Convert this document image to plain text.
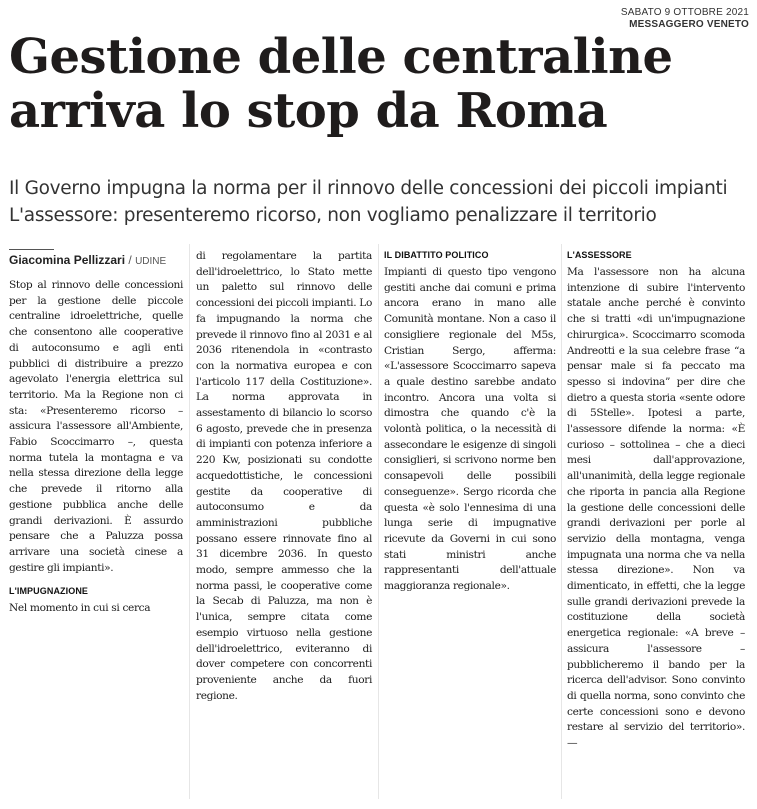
SABATO 9 OTTOBRE 2021
MESSAGGERO VENETO
Gestione delle centraline
arriva lo stop da Roma
Il Governo impugna la norma per il rinnovo delle concessioni dei piccoli impianti
L'assessore: presenteremo ricorso, non vogliamo penalizzare il territorio
Giacomina Pellizzari / UDINE

Stop al rinnovo delle concessioni per la gestione delle piccole centraline idroelettriche, quelle che consentono alle cooperative di autoconsumo e agli enti pubblici di distribuire a prezzo agevolato l'energia elettrica sul territorio. Ma la Regione non ci sta: «Presenteremo ricorso – assicura l'assessore all'Ambiente, Fabio Scoccimarro –, questa norma tutela la montagna e va nella stessa direzione della legge che prevede il ritorno alla gestione pubblica anche delle grandi derivazioni. È assurdo pensare che a Paluzza possa arrivare una società cinese a gestire gli impianti».

L'IMPUGNAZIONE

Nel momento in cui si cerca

di regolamentare la partita dell'idroelettrico, lo Stato mette un paletto sul rinnovo delle concessioni dei piccoli impianti. Lo fa impugnando la norma che prevede il rinnovo fino al 2031 e al 2036 ritenendola in «contrasto con la normativa europea e con l'articolo 117 della Costituzione». La norma approvata in assestamento di bilancio lo scorso 6 agosto, prevede che in presenza di impianti con potenza inferiore a 220 Kw, posizionati su condotte acquedottistiche, le concessioni gestite da cooperative di autoconsumo e da amministrazioni pubbliche possano essere rinnovate fino al 31 dicembre 2036. In questo modo, sempre ammesso che la norma passi, le cooperative come la Secab di Paluzza, ma non è l'unica, sempre citata come esempio virtuoso nella gestione dell'idroelettrico, eviteranno di dover competere con concorrenti proveniente anche da fuori regione.

IL DIBATTITO POLITICO

Impianti di questo tipo vengono gestiti anche dai comuni e prima ancora erano in mano alle Comunità montane. Non a caso il consigliere regionale del M5s, Cristian Sergo, afferma: «L'assessore Scoccimarro sapeva a quale destino sarebbe andato incontro. Ancora una volta si dimostra che quando c'è la volontà politica, o la necessità di assecondare le esigenze di singoli consiglieri, si scrivono norme ben consapevoli delle possibili conseguenze». Sergo ricorda che questa «è solo l'ennesima di una lunga serie di impugnative ricevute da Governi in cui sono stati ministri anche rappresentanti dell'attuale maggioranza regionale».

L'ASSESSORE

Ma l'assessore non ha alcuna intenzione di subire l'intervento statale anche perché è convinto che si tratti «di un'impugnazione chirurgica». Scoccimarro scomoda Andreotti e la sua celebre frase “a pensar male si fa peccato ma spesso si indovina” per dire che dietro a questa storia «sente odore di 5Stelle». Ipotesi a parte, l'assessore difende la norma: «È curioso – sottolinea – che a dieci mesi dall'approvazione, all'unanimità, della legge regionale che riporta in pancia alla Regione la gestione delle concessioni delle grandi derivazioni per porle al servizio della montagna, venga impugnata una norma che va nella stessa direzione». Non va dimenticato, in effetti, che la legge sulle grandi derivazioni prevede la costituzione della società energetica regionale: «A breve – assicura l'assessore – pubblicheremo il bando per la ricerca dell'advisor. Sono convinto di quella norma, sono convinto che certe concessioni sono e devono restare al servizio del territorio». —
